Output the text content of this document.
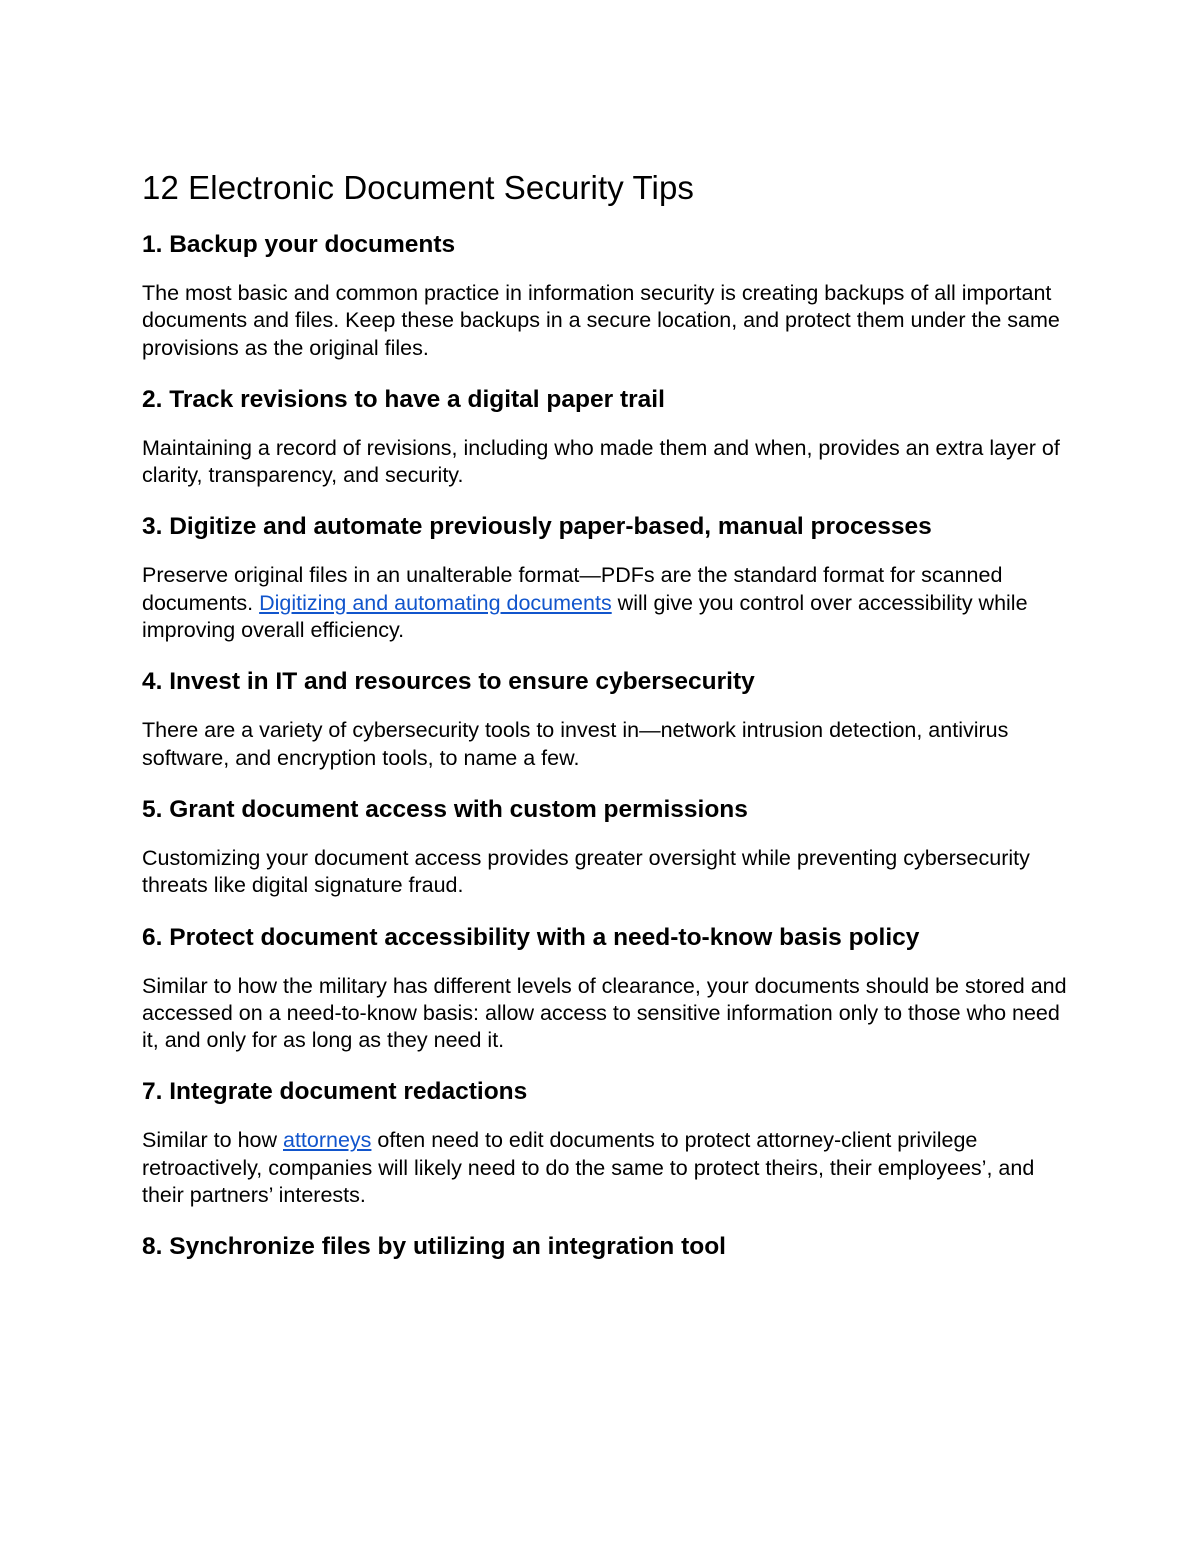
12 Electronic Document Security Tips
1. Backup your documents

The most basic and common practice in information security is creating backups of all important documents and files. Keep these backups in a secure location, and protect them under the same provisions as the original files.

2. Track revisions to have a digital paper trail

Maintaining a record of revisions, including who made them and when, provides an extra layer of clarity, transparency, and security.

3. Digitize and automate previously paper-based, manual processes

Preserve original files in an unalterable format—PDFs are the standard format for scanned documents. Digitizing and automating documents will give you control over accessibility while improving overall efficiency.

4. Invest in IT and resources to ensure cybersecurity

There are a variety of cybersecurity tools to invest in—network intrusion detection, antivirus software, and encryption tools, to name a few.

5. Grant document access with custom permissions

Customizing your document access provides greater oversight while preventing cybersecurity threats like digital signature fraud.

6. Protect document accessibility with a need-to-know basis policy

Similar to how the military has different levels of clearance, your documents should be stored and accessed on a need-to-know basis: allow access to sensitive information only to those who need it, and only for as long as they need it.

7. Integrate document redactions

Similar to how attorneys often need to edit documents to protect attorney-client privilege retroactively, companies will likely need to do the same to protect theirs, their employees’, and their partners’ interests.

8. Synchronize files by utilizing an integration tool
